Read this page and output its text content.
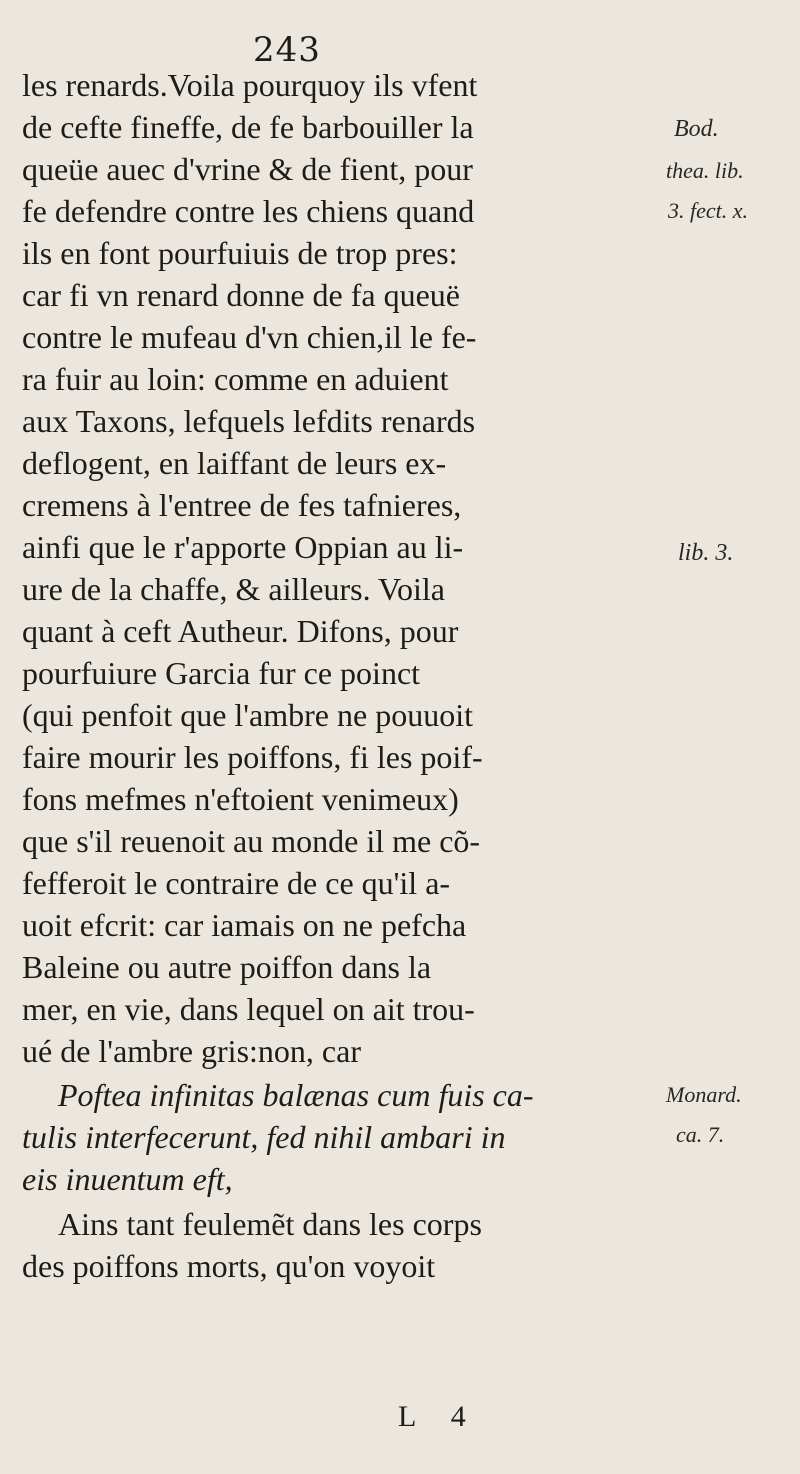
243
les renards.Voila pourquoy ils vfent
de cefte fineffe, de fe barbouiller la
queüe auec d'vrine & de fient, pour
fe defendre contre les chiens quand
ils en font pourfuiuis de trop pres:
car fi vn renard donne de fa queuë
contre le mufeau d'vn chien,il le fe-
ra fuir au loin: comme en aduient
aux Taxons, lefquels lefdits renards
deflogent, en laiffant de leurs ex-
cremens à l'entree de fes tafnieres,
ainfi que le r'apporte Oppian au li-
ure de la chaffe, & ailleurs. Voila
quant à ceft Autheur. Difons, pour
pourfuiure Garcia fur ce poinct
(qui penfoit que l'ambre ne pouuoit
faire mourir les poiffons, fi les poif-
fons mefmes n'eftoient venimeux)
que s'il reuenoit au monde il me cõ-
fefferoit le contraire de ce qu'il a-
uoit efcrit: car iamais on ne pefcha
Baleine ou autre poiffon dans la
mer, en vie, dans lequel on ait trou-
ué de l'ambre gris:non, car
Poftea infinitas balænas cum fuis ca-
tulis interfecerunt, fed nihil ambari in
eis inuentum eft,
Ains tant feulemẽt dans les corps
des poiffons morts, qu'on voyoit
Bod.
thea. lib.
3. fect. x.
lib. 3.
Monard.
ca. 7.
L 4
